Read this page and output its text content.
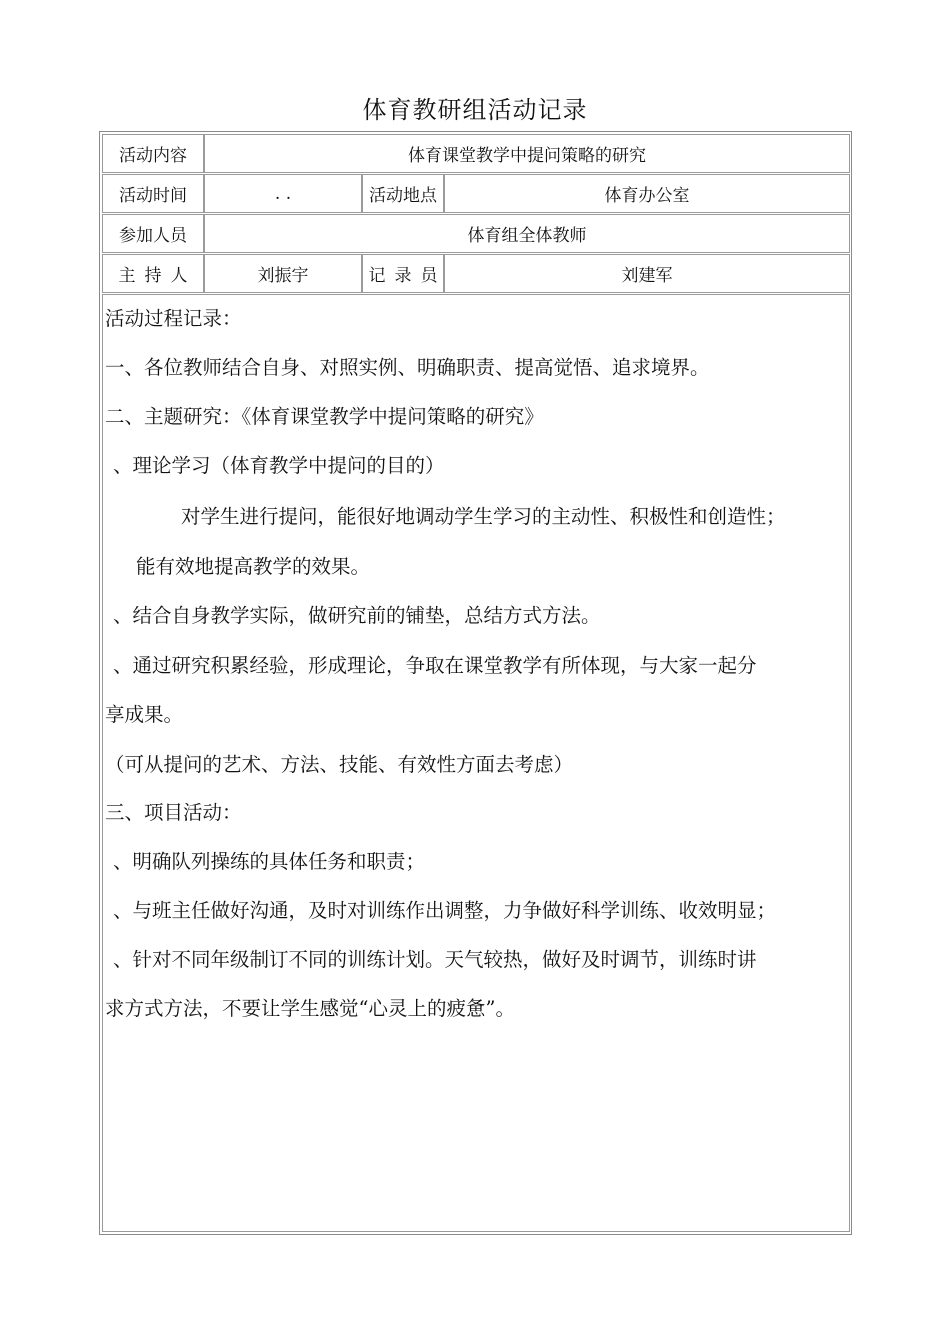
体育教研组活动记录
活动内容	体育课堂教学中提问策略的研究
活动时间	. .	活动地点	体育办公室
参加人员	体育组全体教师
主持人	刘振宇	记录员	刘建军
活动过程记录：
一、各位教师结合自身、对照实例、明确职责、提高觉悟、追求境界。
二、主题研究：《体育课堂教学中提问策略的研究》
、理论学习（体育教学中提问的目的）
对学生进行提问，能很好地调动学生学习的主动性、积极性和创造性；
能有效地提高教学的效果。
、结合自身教学实际，做研究前的铺垫，总结方式方法。
、通过研究积累经验，形成理论，争取在课堂教学有所体现，与大家一起分
享成果。
（可从提问的艺术、方法、技能、有效性方面去考虑）
三、项目活动：
、明确队列操练的具体任务和职责；
、与班主任做好沟通，及时对训练作出调整，力争做好科学训练、收效明显；
、针对不同年级制订不同的训练计划。天气较热，做好及时调节，训练时讲
求方式方法，不要让学生感觉“心灵上的疲惫”。
